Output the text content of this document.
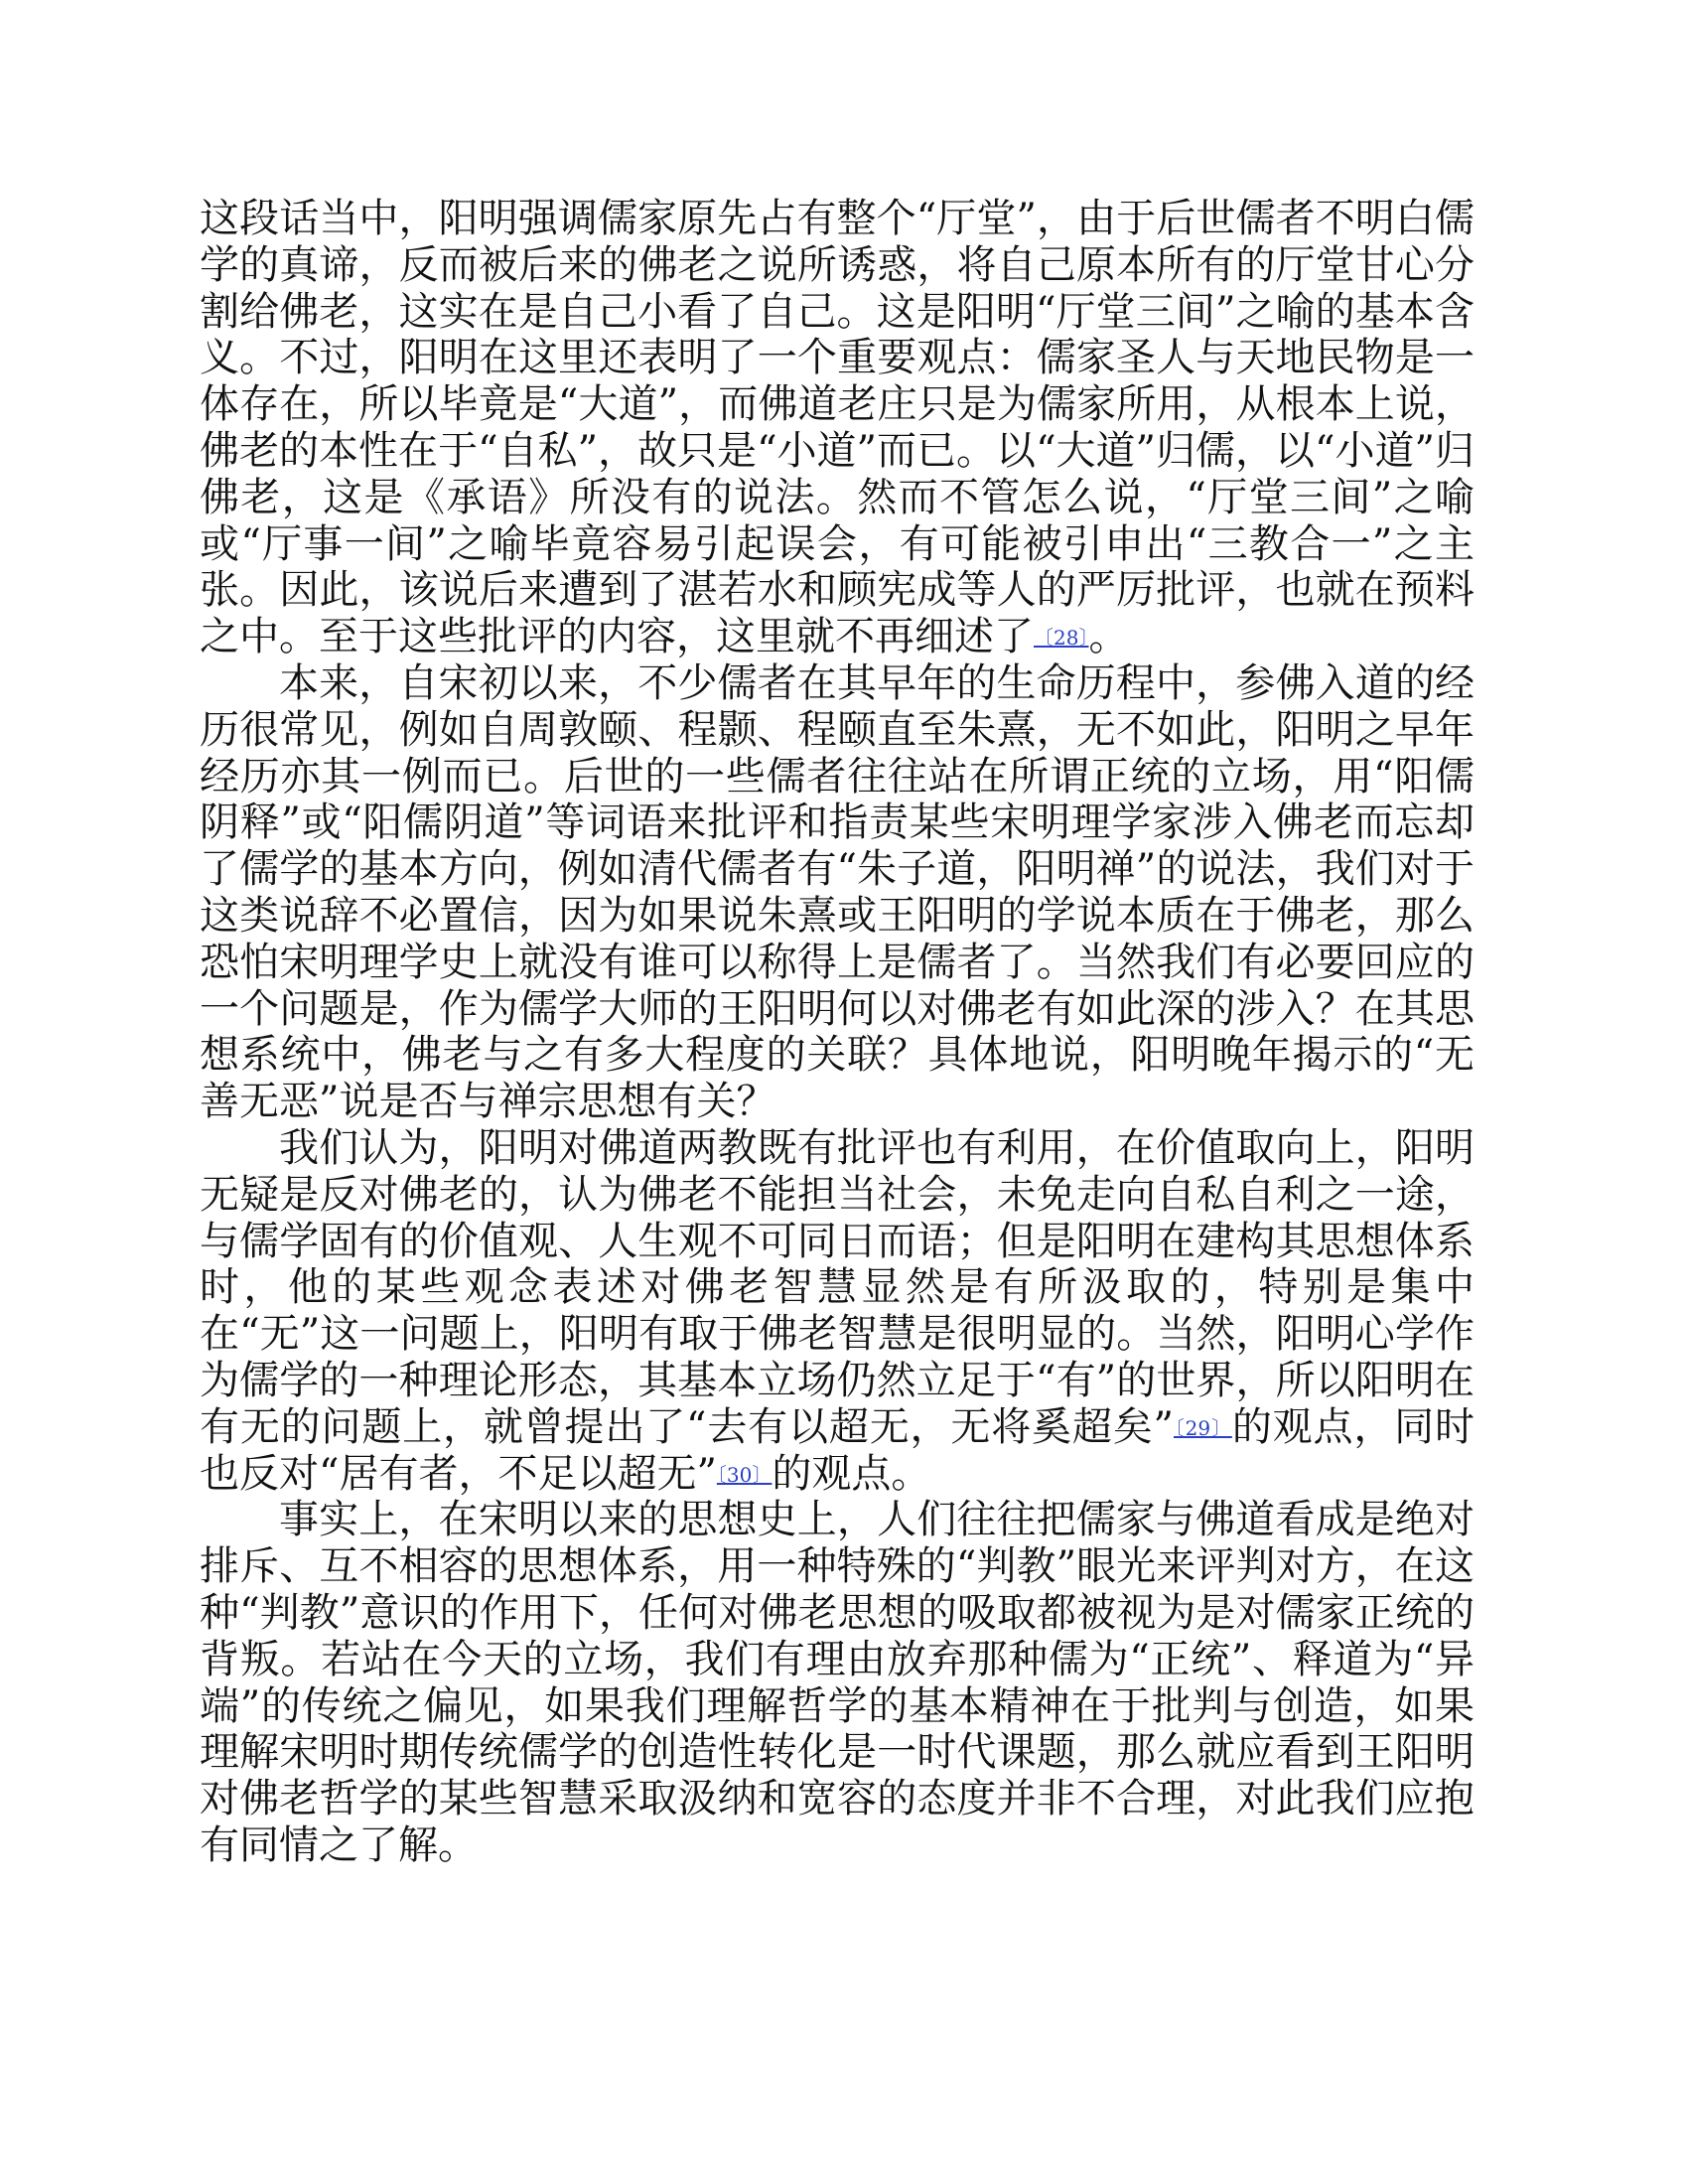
这段话当中，阳明强调儒家原先占有整个“厅堂”，由于后世儒者不明白儒学的真谛，反而被后来的佛老之说所诱惑，将自己原本所有的厅堂甘心分割给佛老，这实在是自己小看了自己。这是阳明“厅堂三间”之喻的基本含义。不过，阳明在这里还表明了一个重要观点：儒家圣人与天地民物是一体存在，所以毕竟是“大道”，而佛道老庄只是为儒家所用，从根本上说，佛老的本性在于“自私”，故只是“小道”而已。以“大道”归儒，以“小道”归佛老，这是《承语》所没有的说法。然而不管怎么说，“厅堂三间”之喻或“厅事一间”之喻毕竟容易引起误会，有可能被引申出“三教合一”之主张。因此，该说后来遭到了湛若水和顾宪成等人的严厉批评，也就在预料之中。至于这些批评的内容，这里就不再细述了〔28〕。

本来，自宋初以来，不少儒者在其早年的生命历程中，参佛入道的经历很常见，例如自周敦颐、程颢、程颐直至朱熹，无不如此，阳明之早年经历亦其一例而已。后世的一些儒者往往站在所谓正统的立场，用“阳儒阴释”或“阳儒阴道”等词语来批评和指责某些宋明理学家涉入佛老而忘却了儒学的基本方向，例如清代儒者有“朱子道，阳明禅”的说法，我们对于这类说辞不必置信，因为如果说朱熹或王阳明的学说本质在于佛老，那么恐怕宋明理学史上就没有谁可以称得上是儒者了。当然我们有必要回应的一个问题是，作为儒学大师的王阳明何以对佛老有如此深的涉入？在其思想系统中，佛老与之有多大程度的关联？具体地说，阳明晚年揭示的“无善无恶”说是否与禅宗思想有关？

我们认为，阳明对佛道两教既有批评也有利用，在价值取向上，阳明无疑是反对佛老的，认为佛老不能担当社会，未免走向自私自利之一途，与儒学固有的价值观、人生观不可同日而语；但是阳明在建构其思想体系时，他的某些观念表述对佛老智慧显然是有所汲取的，特别是集中在“无”这一问题上，阳明有取于佛老智慧是很明显的。当然，阳明心学作为儒学的一种理论形态，其基本立场仍然立足于“有”的世界，所以阳明在有无的问题上，就曾提出了“去有以超无，无将奚超矣”〔29〕的观点，同时也反对“居有者，不足以超无”〔30〕的观点。

事实上，在宋明以来的思想史上，人们往往把儒家与佛道看成是绝对排斥、互不相容的思想体系，用一种特殊的“判教”眼光来评判对方，在这种“判教”意识的作用下，任何对佛老思想的吸取都被视为是对儒家正统的背叛。若站在今天的立场，我们有理由放弃那种儒为“正统”、释道为“异端”的传统之偏见，如果我们理解哲学的基本精神在于批判与创造，如果理解宋明时期传统儒学的创造性转化是一时代课题，那么就应看到王阳明对佛老哲学的某些智慧采取汲纳和宽容的态度并非不合理，对此我们应抱有同情之了解。
